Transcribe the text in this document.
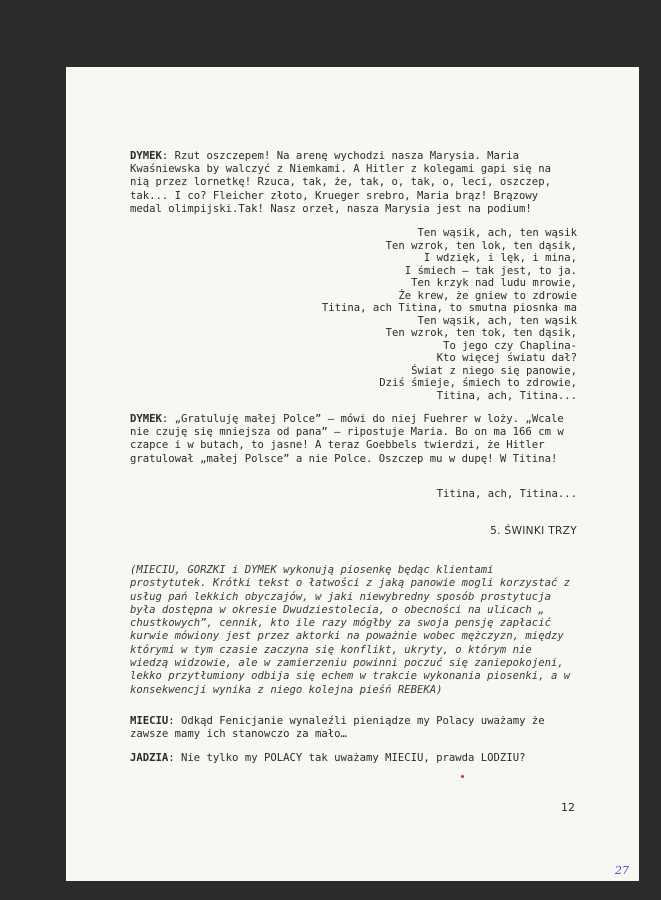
DYMEK: Rzut oszczepem! Na arenę wychodzi nasza Marysia. Maria Kwaśniewska by walczyć z Niemkami. A Hitler z kolegami gapi się na nią przez lornetkę! Rzuca, tak, że, tak, o, tak, o, leci, oszczep, tak... I co? Fleicher złoto, Krueger srebro, Maria brąz! Brązowy medal olimpijski.Tak! Nasz orzeł, nasza Marysia jest na podium!

Ten wąsik, ach, ten wąsik
Ten wzrok, ten lok, ten dąsik,
I wdzięk, i lęk, i mina,
I śmiech – tak jest, to ja.
Ten krzyk nad ludu mrowie,
Że krew, że gniew to zdrowie
Titina, ach Titina, to smutna piosnka ma
Ten wąsik, ach, ten wąsik
Ten wzrok, ten tok, ten dąsik,
To jego czy Chaplina-
Kto więcej światu dał?
Świat z niego się panowie,
Dziś śmieje, śmiech to zdrowie,
Titina, ach, Titina...

DYMEK: „Gratuluję małej Polce” – mówi do niej Fuehrer w loży. „Wcale nie czuję się mniejsza od pana” – ripostuje Maria. Bo on ma 166 cm w czapce i w butach, to jasne! A teraz Goebbels twierdzi, że Hitler gratulował „małej Polsce” a nie Polce. Oszczep mu w dupę! W Titina!

Titina, ach, Titina...
5. ŚWINKI TRZY

(MIECIU, GORZKI i DYMEK wykonują piosenkę będąc klientami prostytutek. Krótki tekst o łatwości z jaką panowie mogli korzystać z usług pań lekkich obyczajów, w jaki niewybredny sposób prostytucja była dostępna w okresie Dwudziestolecia, o obecności na ulicach „ chustkowych”, cennik, kto ile razy mógłby za swoja pensję zapłacić kurwie mówiony jest przez aktorki na poważnie wobec mężczyzn, między którymi w tym czasie zaczyna się konflikt, ukryty, o którym nie wiedzą widzowie, ale w zamierzeniu powinni poczuć się zaniepokojeni, lekko przytłumiony odbija się echem w trakcie wykonania piosenki, a w konsekwencji wynika z niego kolejna pieśń REBEKA)

MIECIU: Odkąd Fenicjanie wynaleźli pieniądze my Polacy uważamy że zawsze mamy ich stanowczo za mało…

JADZIA: Nie tylko my POLACY tak uważamy MIECIU, prawda LODZIU?

12
27
